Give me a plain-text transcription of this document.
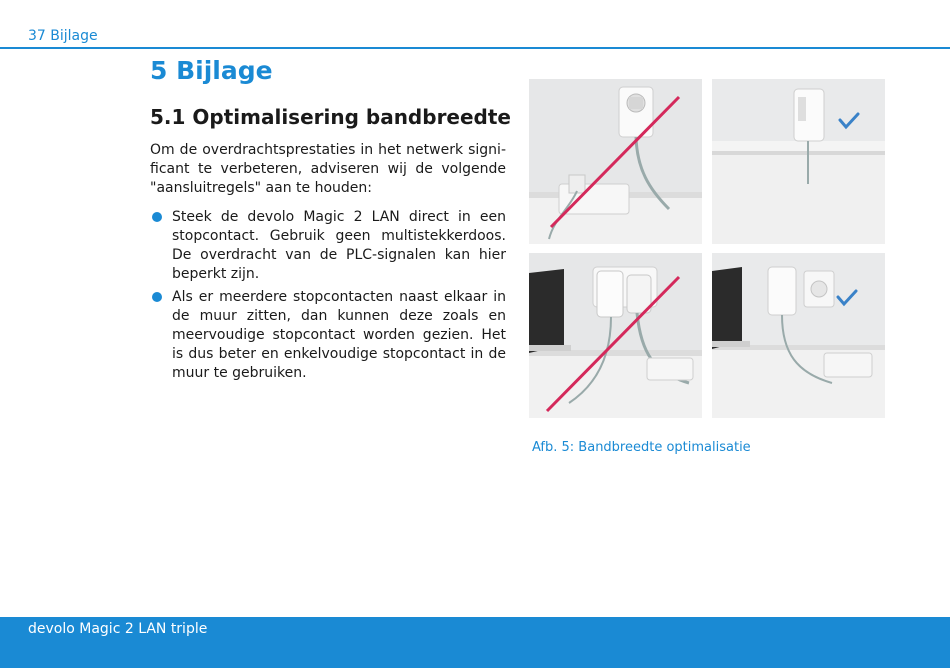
37 Bijlage
5 Bijlage
5.1 Optimalisering bandbreedte

Om de overdrachtsprestaties in het netwerk signi-ficant te verbeteren, adviseren wij de volgende "aansluitregels" aan te houden:

Steek de devolo Magic 2 LAN direct in een stopcontact. Gebruik geen multistekkerdoos. De overdracht van de PLC-signalen kan hier beperkt zijn.
Als er meerdere stopcontacten naast elkaar in de muur zitten, dan kunnen deze zoals en meervoudige stopcontact worden gezien. Het is dus beter en enkelvoudige stopcontact in de muur te gebruiken.
Afb. 5: Bandbreedte optimalisatie
devolo Magic 2 LAN triple
